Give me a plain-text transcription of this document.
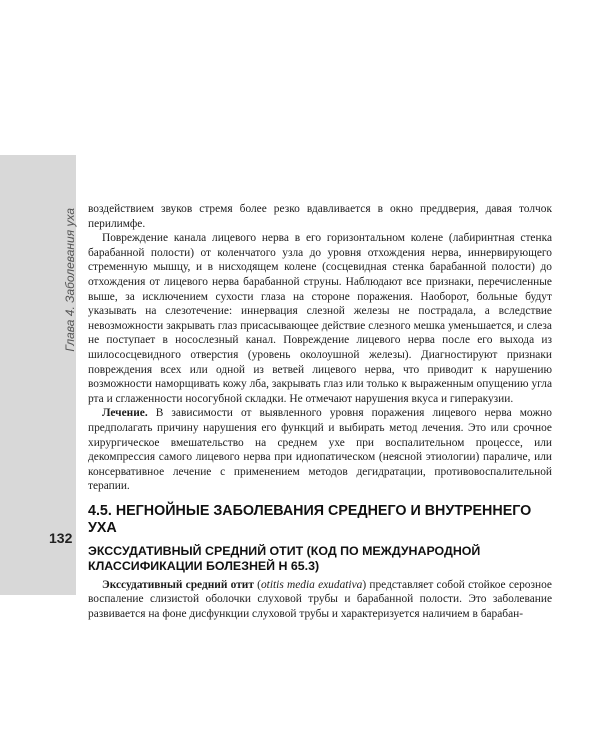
Глава 4. Заболевания уха
132

воздействием звуков стремя более резко вдавливается в окно преддверия, давая толчок перилимфе.

Повреждение канала лицевого нерва в его горизонтальном колене (лабиринтная стенка барабанной полости) от коленчатого узла до уровня отхождения нерва, иннервирующего стременную мышцу, и в нисходящем колене (сосцевидная стенка барабанной полости) до отхождения от лицевого нерва барабанной струны. Наблюдают все признаки, перечисленные выше, за исключением сухости глаза на стороне поражения. Наоборот, больные будут указывать на слезотечение: иннервация слезной железы не пострадала, а вследствие невозможности закрывать глаз присасывающее действие слезного мешка уменьшается, и слеза не поступает в носослезный канал. Повреждение лицевого нерва после его выхода из шилососцевидного отверстия (уровень околоушной железы). Диагностируют признаки повреждения всех или одной из ветвей лицевого нерва, что приводит к нарушению возможности наморщивать кожу лба, закрывать глаз или только к выраженным опущению угла рта и сглаженности носогубной складки. Не отмечают нарушения вкуса и гиперакузии.

Лечение. В зависимости от выявленного уровня поражения лицевого нерва можно предполагать причину нарушения его функций и выбирать метод лечения. Это или срочное хирургическое вмешательство на среднем ухе при воспалительном процессе, или декомпрессия самого лицевого нерва при идиопатическом (неясной этиологии) параличе, или консервативное лечение с применением методов дегидратации, противовоспалительной терапии.

4.5. НЕГНОЙНЫЕ ЗАБОЛЕВАНИЯ СРЕДНЕГО И ВНУТРЕННЕГО УХА
ЭКССУДАТИВНЫЙ СРЕДНИЙ ОТИТ (КОД ПО МЕЖДУНАРОДНОЙ КЛАССИФИКАЦИИ БОЛЕЗНЕЙ Н 65.3)

Экссудативный средний отит (otitis media exudativa) представляет собой стойкое серозное воспаление слизистой оболочки слуховой трубы и барабанной полости. Это заболевание развивается на фоне дисфункции слуховой трубы и характеризуется наличием в барабан-
